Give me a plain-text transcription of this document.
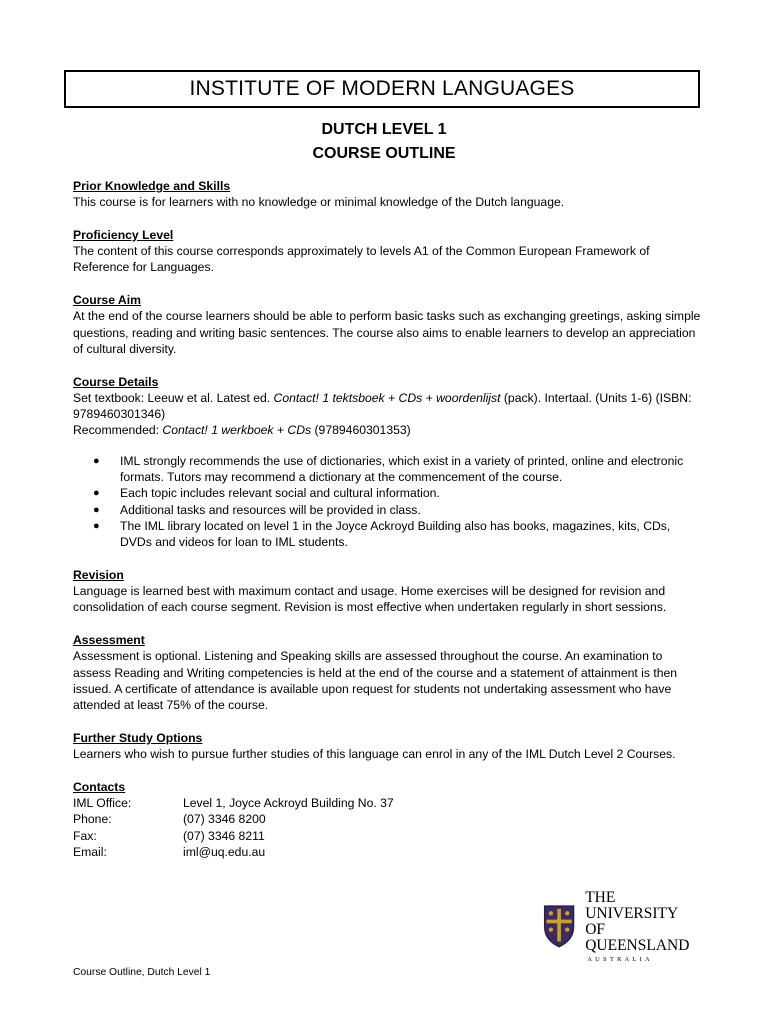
INSTITUTE OF MODERN LANGUAGES
DUTCH LEVEL 1
COURSE OUTLINE
Prior Knowledge and Skills

This course is for learners with no knowledge or minimal knowledge of the Dutch language.

Proficiency Level

The content of this course corresponds approximately to levels A1 of the Common European Framework of Reference for Languages.

Course Aim

At the end of the course learners should be able to perform basic tasks such as exchanging greetings, asking simple questions, reading and writing basic sentences. The course also aims to enable learners to develop an appreciation of cultural diversity.

Course Details

Set textbook: Leeuw et al. Latest ed. Contact! 1 tektsboek + CDs + woordenlijst (pack). Intertaal. (Units 1-6) (ISBN: 9789460301346)

Recommended: Contact! 1 werkboek + CDs (9789460301353)

● IML strongly recommends the use of dictionaries, which exist in a variety of printed, online and electronic formats. Tutors may recommend a dictionary at the commencement of the course.
● Each topic includes relevant social and cultural information.
● Additional tasks and resources will be provided in class.
● The IML library located on level 1 in the Joyce Ackroyd Building also has books, magazines, kits, CDs, DVDs and videos for loan to IML students.
Revision

Language is learned best with maximum contact and usage. Home exercises will be designed for revision and consolidation of each course segment. Revision is most effective when undertaken regularly in short sessions.

Assessment

Assessment is optional. Listening and Speaking skills are assessed throughout the course. An examination to assess Reading and Writing competencies is held at the end of the course and a statement of attainment is then issued. A certificate of attendance is available upon request for students not undertaking assessment who have attended at least 75% of the course.

Further Study Options

Learners who wish to pursue further studies of this language can enrol in any of the IML Dutch Level 2 Courses.

Contacts
IML Office:	Level 1, Joyce Ackroyd Building No. 37
Phone:	(07) 3346 8200
Fax:	(07) 3346 8211
Email:	iml@uq.edu.au
THE UNIVERSITY
OF QUEENSLAND
AUSTRALIA
Course Outline, Dutch Level 1
